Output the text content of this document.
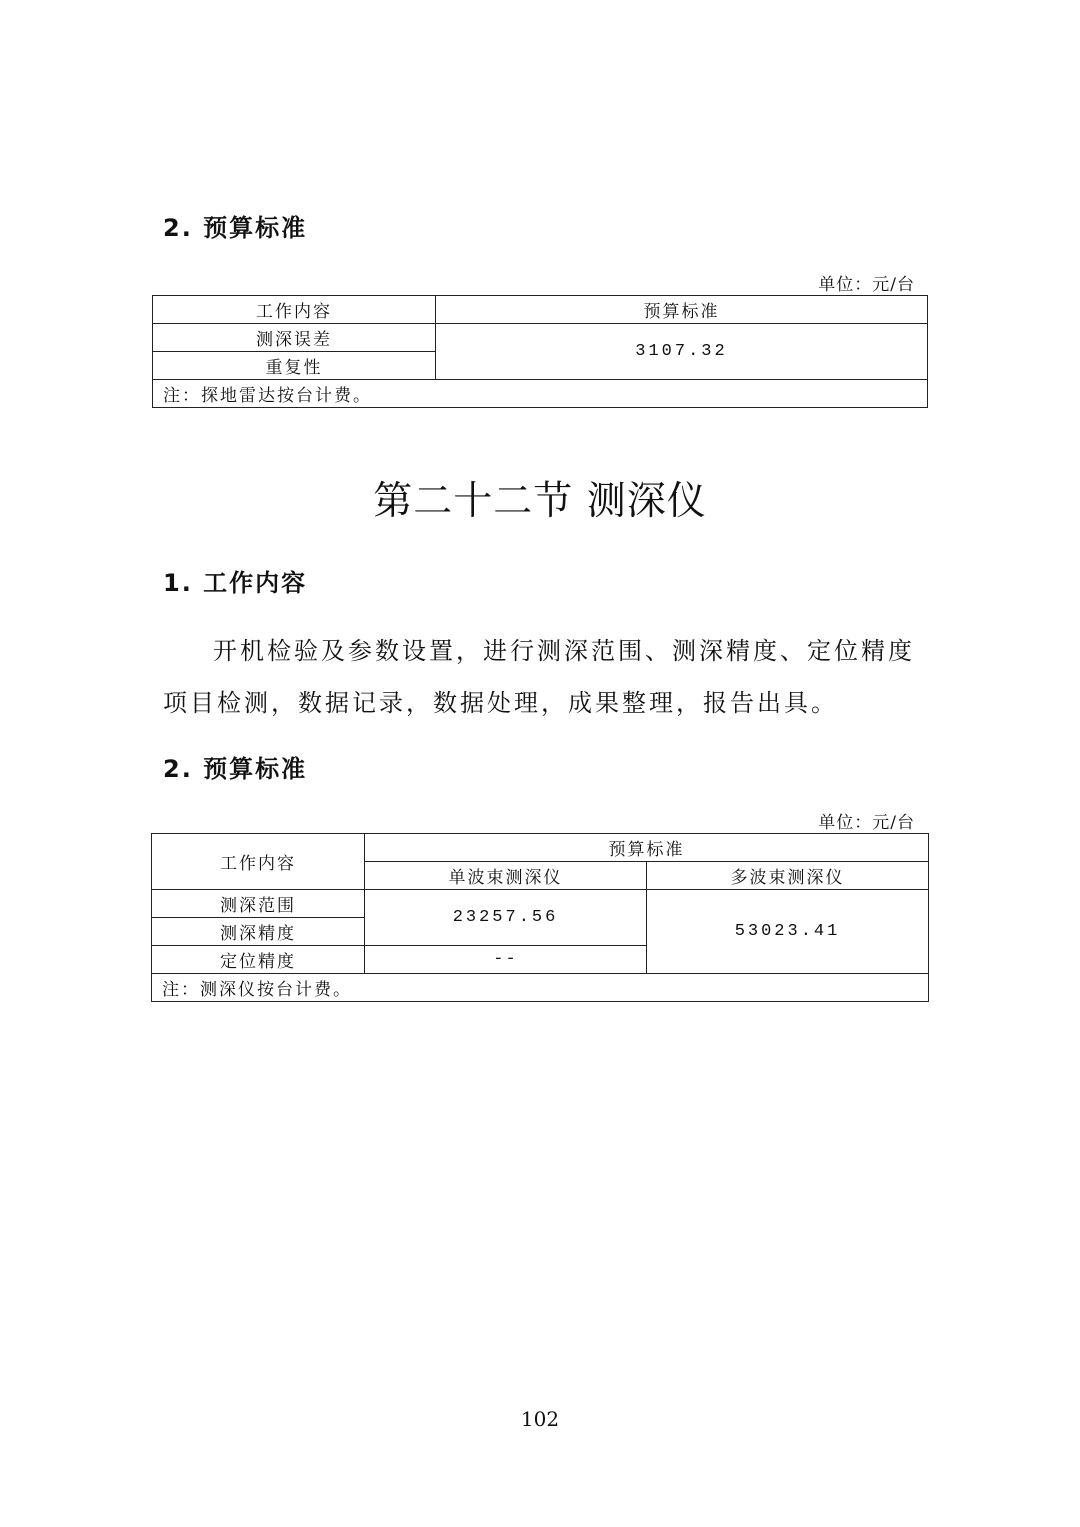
2. 预算标准
单位：元/台
工作内容	预算标准
测深误差	3107.32
重复性	
注：探地雷达按台计费。	
第二十二节 测深仪
1. 工作内容
开机检验及参数设置，进行测深范围、测深精度、定位精度项目检测，数据记录，数据处理，成果整理，报告出具。
2. 预算标准
单位：元/台
工作内容	预算标准	
	单波束测深仪	多波束测深仪
测深范围	23257.56	53023.41
测深精度		
定位精度	--	
注：测深仪按台计费。		
102
